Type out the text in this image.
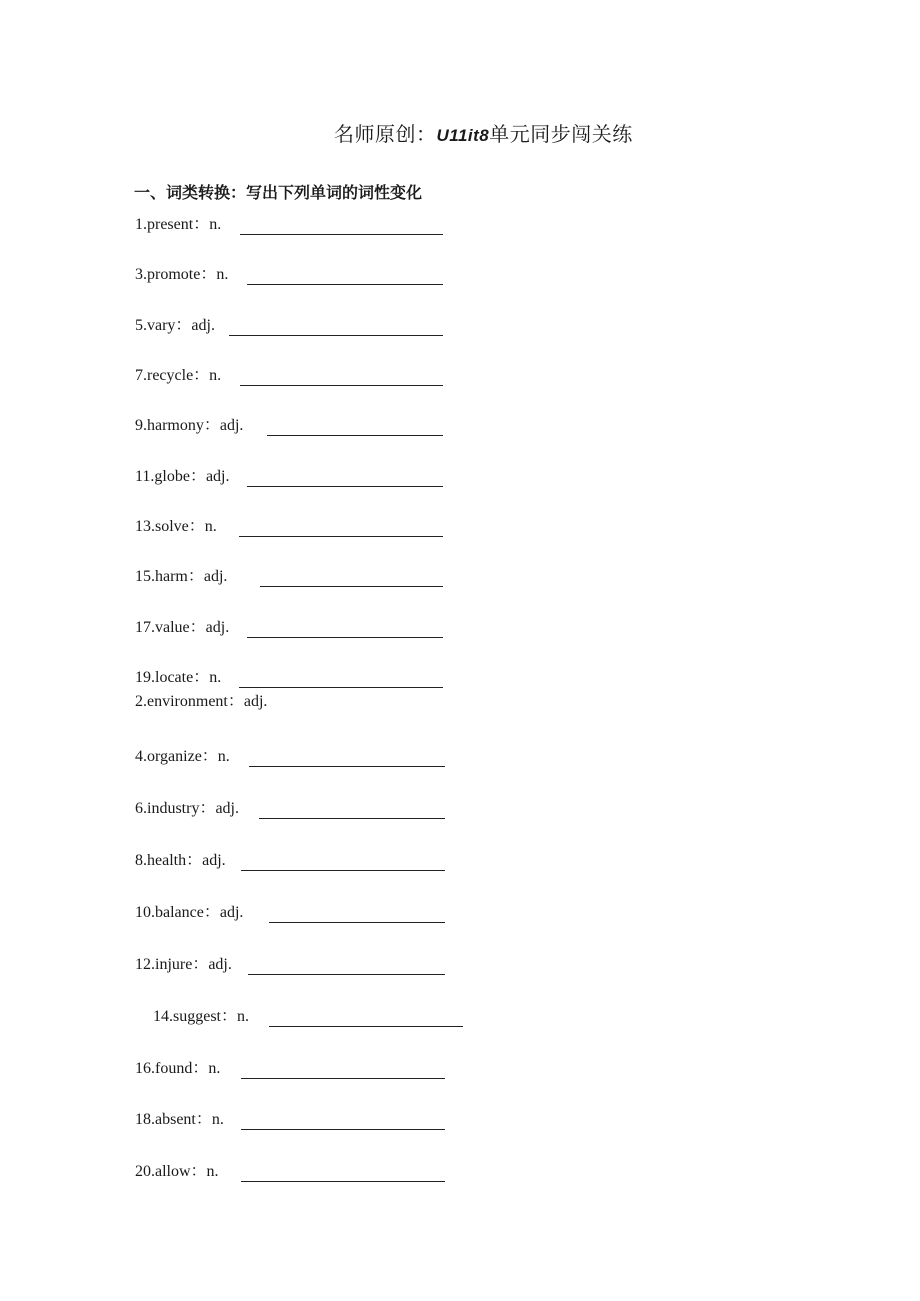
名师原创：U11it8单元同步闯关练
一、词类转换：写出下列单词的词性变化
1.present：n.
3.promote：n.
5.vary：adj.
7.recycle：n.
9.harmony：adj.
11.globe：adj.
13.solve：n.
15.harm：adj.
17.value：adj.
19.locate：n.
2.environment：adj.
4.organize：n.
6.industry：adj.
8.health：adj.
10.balance：adj.
12.injure：adj.
14.suggest：n.
16.found：n.
18.absent：n.
20.allow：n.
